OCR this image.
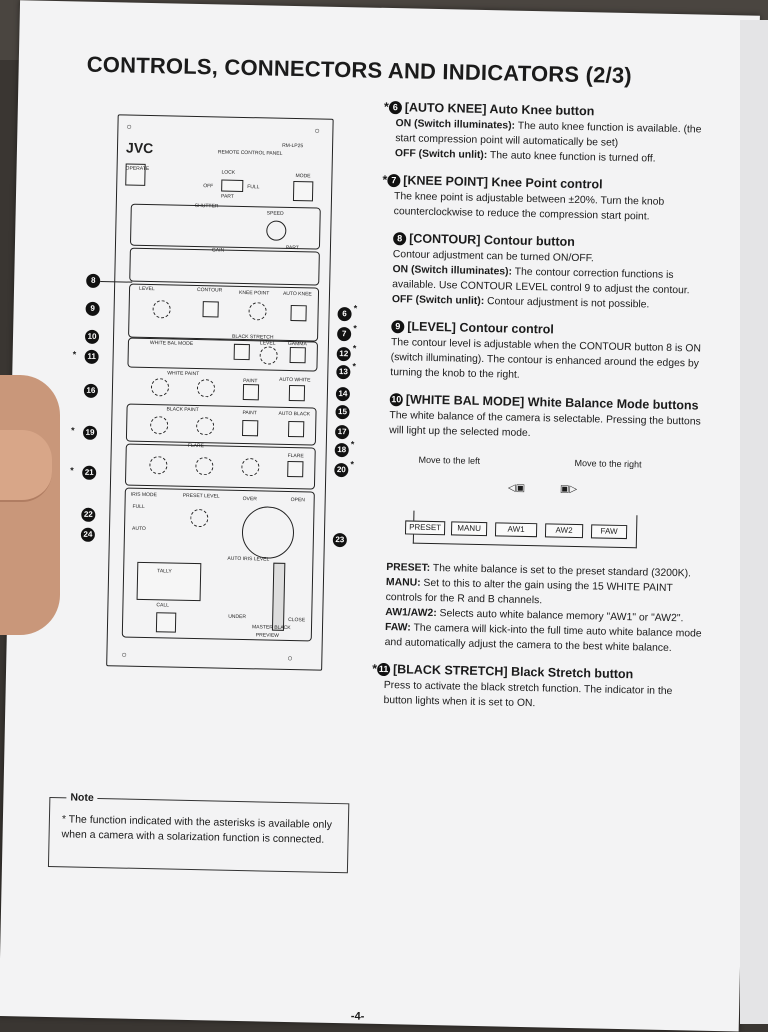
CONTROLS, CONNECTORS AND INDICATORS (2/3)
○	○
JVC	RM-LP25
REMOTE CONTROL PANEL
OPERATE
LOCK
OFF	FULL
PART
MODE
SHUTTER
SPEED
PART
GAIN
LEVEL	CONTOUR	KNEE POINT	AUTO KNEE
WHITE BAL MODE
BLACK STRETCH
LEVEL GAMMA
WHITE PAINT
PAINT	AUTO WHITE
BLACK PAINT
PAINT	AUTO BLACK
FLARE
FLARE
IRIS MODE	PRESET LEVEL
FULL
AUTO
OVER	OPEN
AUTO IRIS LEVEL
TALLY
CALL
UNDER
CLOSE
MASTER BLACK
PREVIEW
○	○
8
9
10
*	11
16
*	19
*	21
22
24
6
*
7
*
12
*
13
*
14
15
17
18
*
20
*
23
* 6 [AUTO KNEE] Auto Knee button

ON (Switch illuminates): The auto knee function is available. (the start compression point will automatically be set)

OFF (Switch unlit): The auto knee function is turned off.

* 7 [KNEE POINT] Knee Point control

The knee point is adjustable between ±20%. Turn the knob counterclockwise to reduce the compression start point.

8 [CONTOUR] Contour button

Contour adjustment can be turned ON/OFF.

ON (Switch illuminates): The contour correction functions is available. Use CONTOUR LEVEL control 9 to adjust the contour.

OFF (Switch unlit): Contour adjustment is not possible.

9 [LEVEL] Contour control

The contour level is adjustable when the CONTOUR button 8 is ON (switch illuminating). The contour is enhanced around the edges by turning the knob to the right.

10 [WHITE BAL MODE] White Balance Mode buttons

The white balance of the camera is selectable. Pressing the buttons will light up the selected mode.

Move to the left	Move to the right
◁▣	▣▷
PRESET	MANU	AW1	AW2	FAW

PRESET: The white balance is set to the preset standard (3200K).

MANU: Set to this to alter the gain using the 15 WHITE PAINT controls for the R and B channels.

AW1/AW2: Selects auto white balance memory "AW1" or "AW2".

FAW: The camera will kick-into the full time auto white balance mode and automatically adjust the camera to the best white balance.

*11 [BLACK STRETCH] Black Stretch button

Press to activate the black stretch function. The indicator in the button lights when it is set to ON.

Note
* The function indicated with the asterisks is available only when a camera with a solarization function is connected.
-4-
